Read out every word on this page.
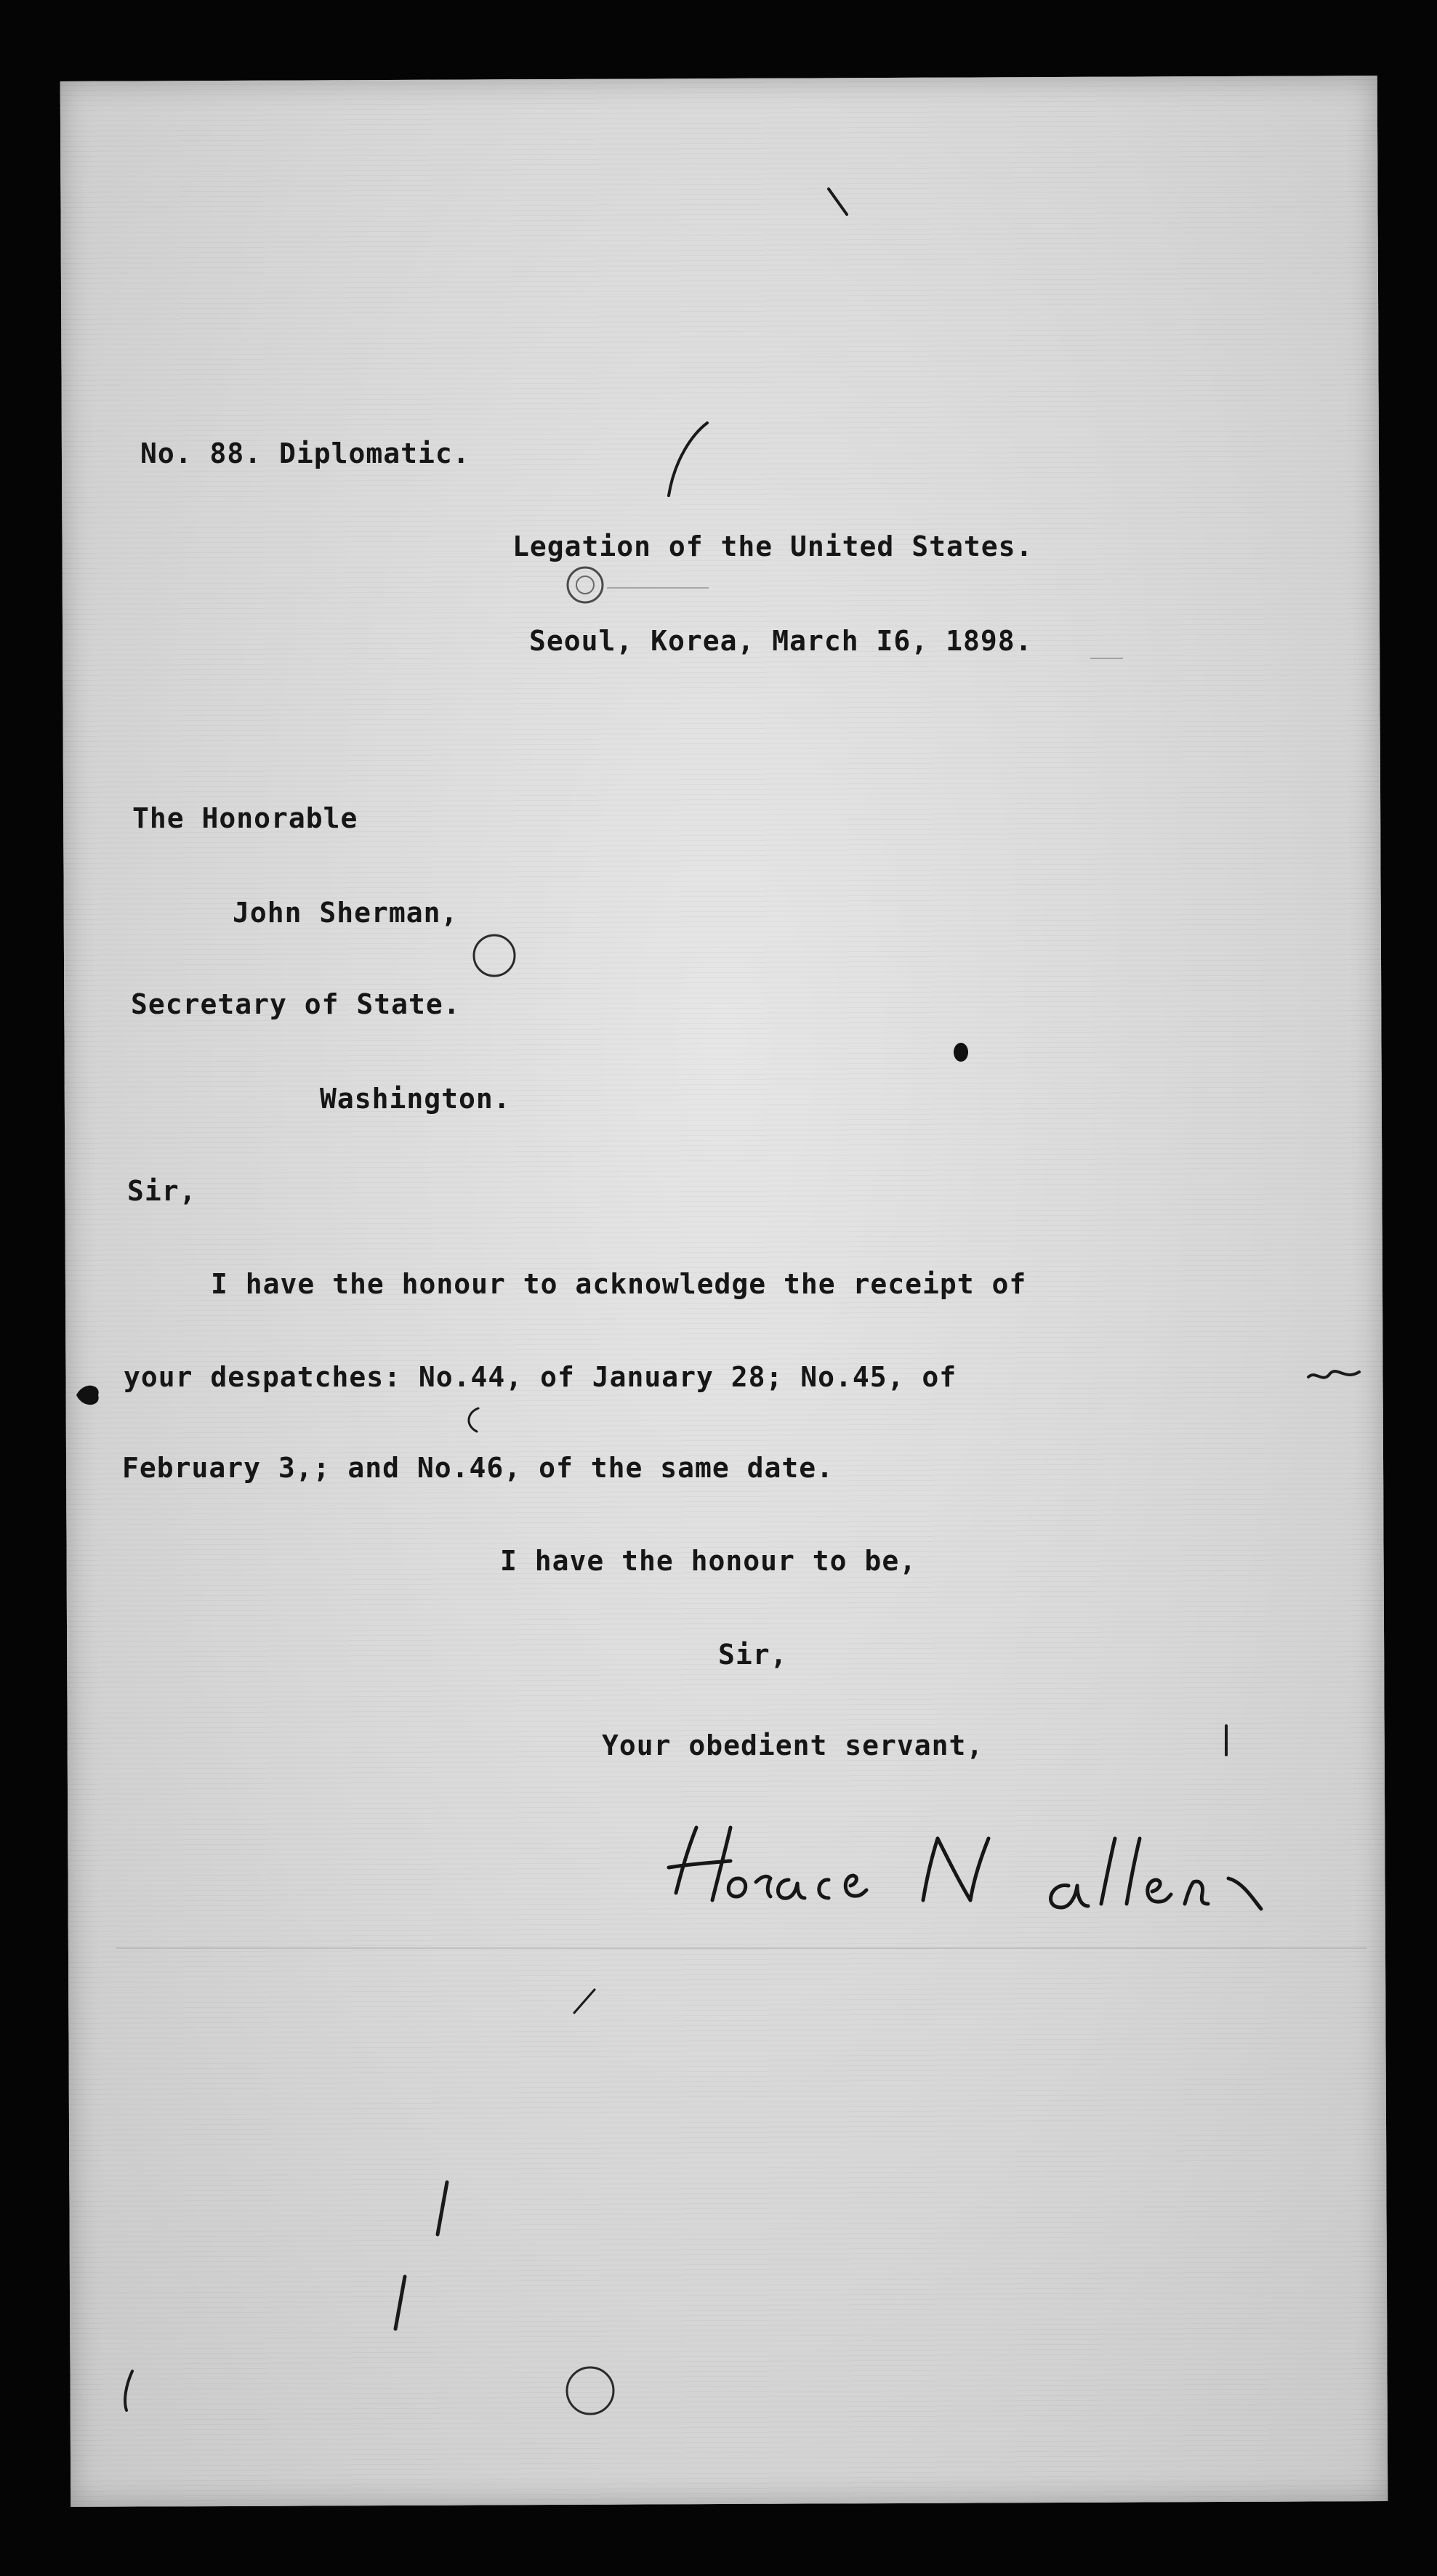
No. 88. Diplomatic.
Legation of the United States.
Seoul, Korea, March I6, 1898.
The Honorable
John Sherman,
Secretary of State.
Washington.
Sir,
I have the honour to acknowledge the receipt of
your despatches: No.44, of January 28; No.45, of
February 3,; and No.46, of the same date.
I have the honour to be,
Sir,
Your obedient servant,
